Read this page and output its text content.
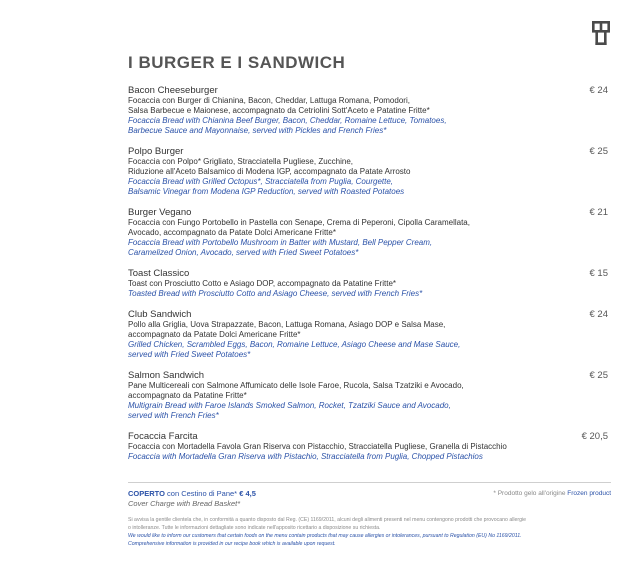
I BURGER E I SANDWICH
Bacon Cheeseburger	€ 24
Focaccia con Burger di Chianina, Bacon, Cheddar, Lattuga Romana, Pomodori,
Salsa Barbecue e Maionese, accompagnato da Cetriolini Sott'Aceto e Patatine Fritte*
Focaccia Bread with Chianina Beef Burger, Bacon, Cheddar, Romaine Lettuce, Tomatoes,
Barbecue Sauce and Mayonnaise, served with Pickles and French Fries*
Polpo Burger	€ 25
Focaccia con Polpo* Grigliato, Stracciatella Pugliese, Zucchine,
Riduzione all'Aceto Balsamico di Modena IGP, accompagnato da Patate Arrosto
Focaccia Bread with Grilled Octopus*, Stracciatella from Puglia, Courgette,
Balsamic Vinegar from Modena IGP Reduction, served with Roasted Potatoes
Burger Vegano	€ 21
Focaccia con Fungo Portobello in Pastella con Senape, Crema di Peperoni, Cipolla Caramellata,
Avocado, accompagnato da Patate Dolci Americane Fritte*
Focaccia Bread with Portobello Mushroom in Batter with Mustard, Bell Pepper Cream,
Caramelized Onion, Avocado, served with Fried Sweet Potatoes*
Toast Classico	€ 15
Toast con Prosciutto Cotto e Asiago DOP, accompagnato da Patatine Fritte*
Toasted Bread with Prosciutto Cotto and Asiago Cheese, served with French Fries*
Club Sandwich	€ 24
Pollo alla Griglia, Uova Strapazzate, Bacon, Lattuga Romana, Asiago DOP e Salsa Mase,
accompagnato da Patate Dolci Americane Fritte*
Grilled Chicken, Scrambled Eggs, Bacon, Romaine Lettuce, Asiago Cheese and Mase Sauce,
served with Fried Sweet Potatoes*
Salmon Sandwich	€ 25
Pane Multicereali con Salmone Affumicato delle Isole Faroe, Rucola, Salsa Tzatziki e Avocado,
accompagnato da Patatine Fritte*
Multigrain Bread with Faroe Islands Smoked Salmon, Rocket, Tzatziki Sauce and Avocado,
served with French Fries*
Focaccia Farcita	€ 20,5
Focaccia con Mortadella Favola Gran Riserva con Pistacchio, Stracciatella Pugliese, Granella di Pistacchio
Focaccia with Mortadella Gran Riserva with Pistachio, Stracciatella from Puglia, Chopped Pistachios
COPERTO con Cestino di Pane* € 4,5
Cover Charge with Bread Basket*
* Prodotto gelo all'origine Frozen product
Si avvisa la gentile clientela che, in conformità a quanto disposto dal Reg. (CE) 1169/2011, alcuni degli alimenti presenti nel menu contengono prodotti che provocano allergie
o intolleranze. Tutte le informazioni dettagliate sono indicate nell'apposito ricettario a disposizione su richiesta.
We would like to inform our customers that certain foods on the menu contain products that may cause allergies or intolerances, pursuant to Regulation (EU) No 1169/2011.
Comprehensive information is provided in our recipe book which is available upon request.
